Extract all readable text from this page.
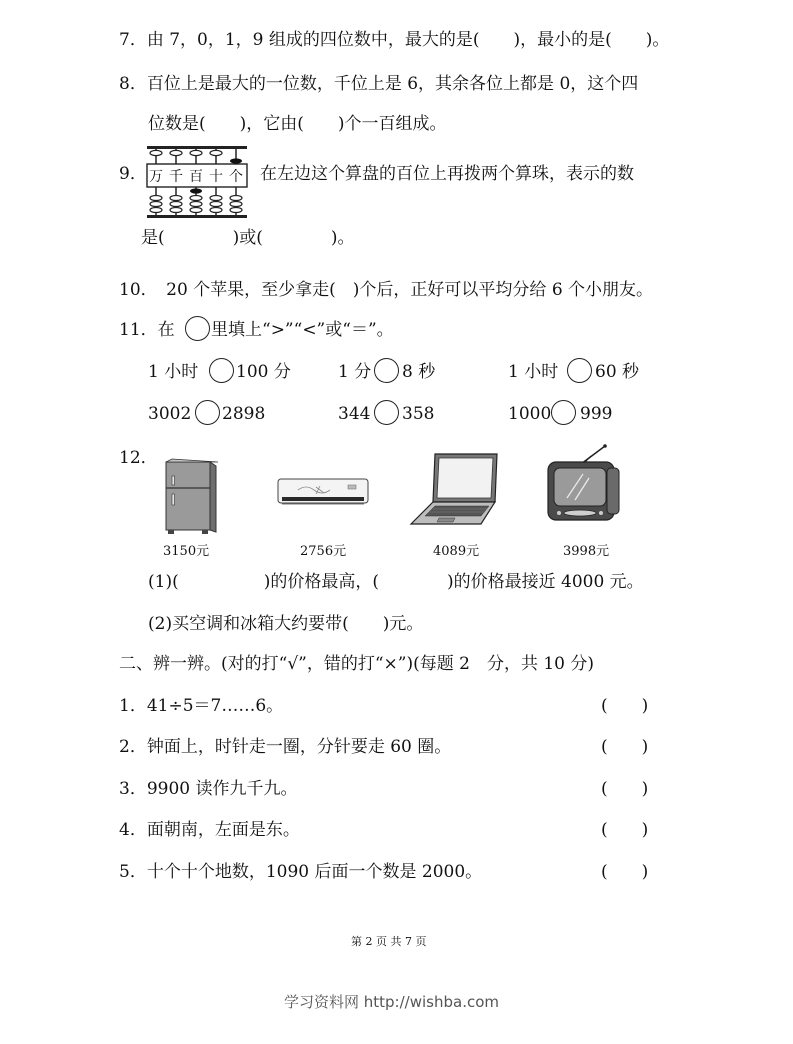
7．由 7，0，1，9 组成的四位数中，最大的是(　　)，最小的是(　　)。
8．百位上是最大的一位数，千位上是 6，其余各位上都是 0，这个四
位数是(　　)，它由(　　)个一百组成。
9． 万 千 百 十 个 在左边这个算盘的百位上再拨两个算珠，表示的数
是(　　　　)或(　　　　)。
10．　20 个苹果，至少拿走(　)个后，正好可以平均分给 6 个小朋友。
11．在 里填上“>”“<”或“＝”。
1 小时 100 分	1 分 8 秒	1 小时 60 秒
3002 2898	344 358	1000 999
12．
3150元	2756元	4089元	3998元
(1)(　　　　　)的价格最高，(　　　　)的价格最接近 4000 元。
(2)买空调和冰箱大约要带(　　)元。
二、辨一辨。(对的打“√”，错的打“×”)(每题 2　分，共 10 分)
1．41÷5＝7……6。	(　　)
2．钟面上，时针走一圈，分针要走 60 圈。	(　　)
3．9900 读作九千九。	(　　)
4．面朝南，左面是东。	(　　)
5．十个十个地数，1090 后面一个数是 2000。	(　　)
第 2 页 共 7 页
学习资料网 http://wishba.com
